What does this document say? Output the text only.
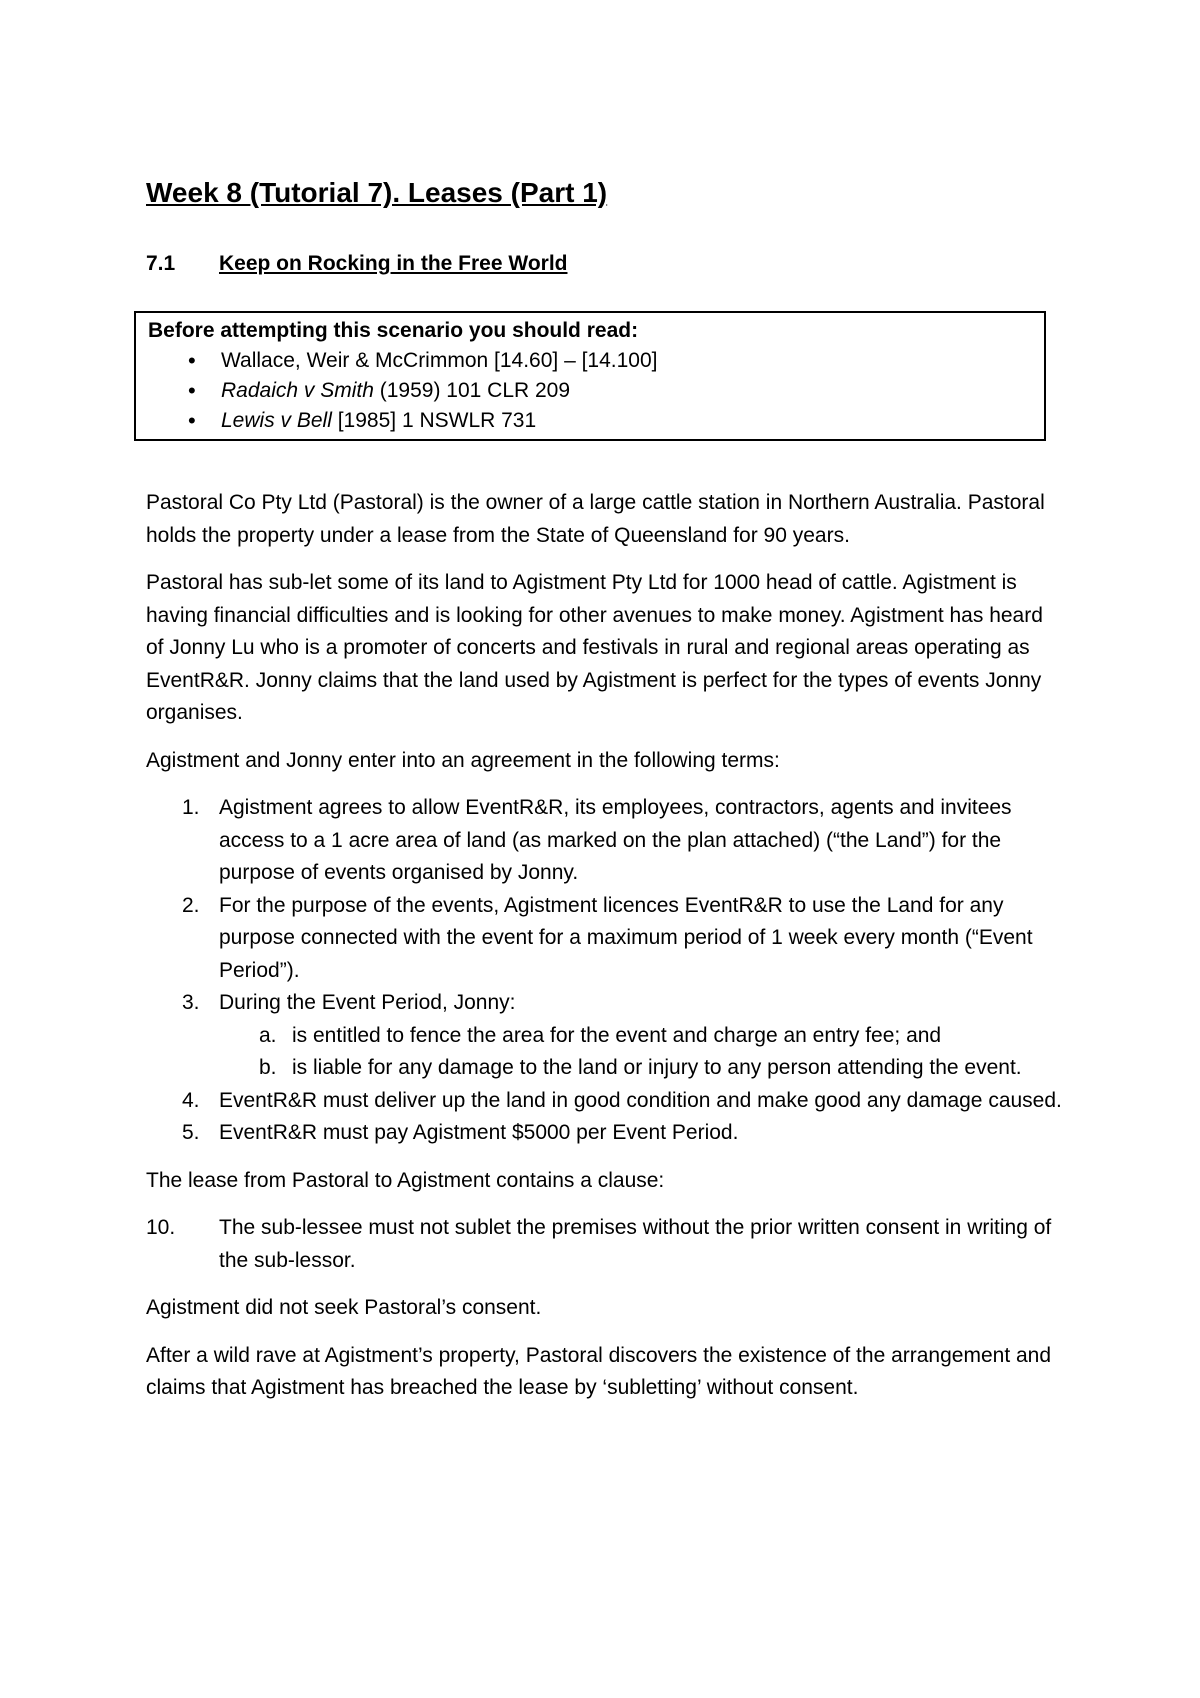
Week 8 (Tutorial 7). Leases (Part 1)
7.1 Keep on Rocking in the Free World
Before attempting this scenario you should read:
•
Wallace, Weir & McCrimmon [14.60] – [14.100]
•
Radaich v Smith (1959) 101 CLR 209
•
Lewis v Bell [1985] 1 NSWLR 731

Pastoral Co Pty Ltd (Pastoral) is the owner of a large cattle station in Northern Australia. Pastoral holds the property under a lease from the State of Queensland for 90 years.

Pastoral has sub-let some of its land to Agistment Pty Ltd for 1000 head of cattle. Agistment is having financial difficulties and is looking for other avenues to make money. Agistment has heard of Jonny Lu who is a promoter of concerts and festivals in rural and regional areas operating as EventR&R. Jonny claims that the land used by Agistment is perfect for the types of events Jonny organises.

Agistment and Jonny enter into an agreement in the following terms:

1. Agistment agrees to allow EventR&R, its employees, contractors, agents and invitees access to a 1 acre area of land (as marked on the plan attached) (“the Land”) for the purpose of events organised by Jonny.
2. For the purpose of the events, Agistment licences EventR&R to use the Land for any purpose connected with the event for a maximum period of 1 week every month (“Event Period”).
3. During the Event Period, Jonny:
a. is entitled to fence the area for the event and charge an entry fee; and
b. is liable for any damage to the land or injury to any person attending the event.
4. EventR&R must deliver up the land in good condition and make good any damage caused.
5. EventR&R must pay Agistment $5000 per Event Period.

The lease from Pastoral to Agistment contains a clause:

10. The sub-lessee must not sublet the premises without the prior written consent in writing of the sub-lessor.

Agistment did not seek Pastoral’s consent.

After a wild rave at Agistment’s property, Pastoral discovers the existence of the arrangement and claims that Agistment has breached the lease by ‘subletting’ without consent.
